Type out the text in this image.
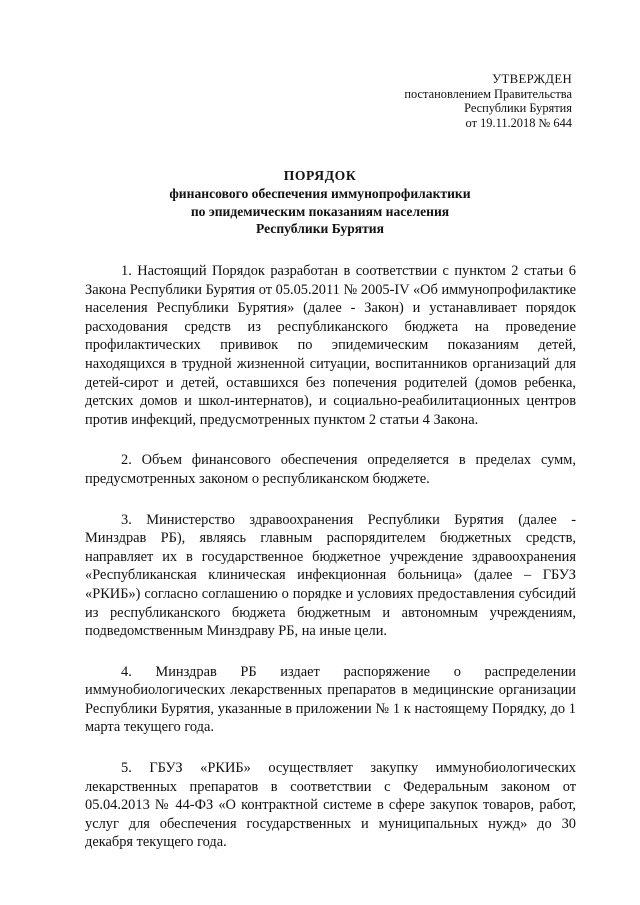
УТВЕРЖДЕН
постановлением Правительства
Республики Бурятия
от 19.11.2018 № 644
ПОРЯДОК
финансового обеспечения иммунопрофилактики
по эпидемическим показаниям населения
Республики Бурятия

1. Настоящий Порядок разработан в соответствии с пунктом 2 статьи 6 Закона Республики Бурятия от 05.05.2011 № 2005-IV «Об иммунопрофилактике населения Республики Бурятия» (далее - Закон) и устанавливает порядок расходования средств из республиканского бюджета на проведение профилактических прививок по эпидемическим показаниям детей, находящихся в трудной жизненной ситуации, воспитанников организаций для детей-сирот и детей, оставшихся без попечения родителей (домов ребенка, детских домов и школ-интернатов), и социально-реабилитационных центров против инфекций, предусмотренных пунктом 2 статьи 4 Закона.

2. Объем финансового обеспечения определяется в пределах сумм, предусмотренных законом о республиканском бюджете.

3. Министерство здравоохранения Республики Бурятия (далее - Минздрав РБ), являясь главным распорядителем бюджетных средств, направляет их в государственное бюджетное учреждение здравоохранения «Республиканская клиническая инфекционная больница» (далее – ГБУЗ «РКИБ») согласно соглашению о порядке и условиях предоставления субсидий из республиканского бюджета бюджетным и автономным учреждениям, подведомственным Минздраву РБ, на иные цели.

4. Минздрав РБ издает распоряжение о распределении иммунобиологических лекарственных препаратов в медицинские организации Республики Бурятия, указанные в приложении № 1 к настоящему Порядку, до 1 марта текущего года.

5. ГБУЗ «РКИБ» осуществляет закупку иммунобиологических лекарственных препаратов в соответствии с Федеральным законом от 05.04.2013 № 44-ФЗ «О контрактной системе в сфере закупок товаров, работ, услуг для обеспечения государственных и муниципальных нужд» до 30 декабря текущего года.
